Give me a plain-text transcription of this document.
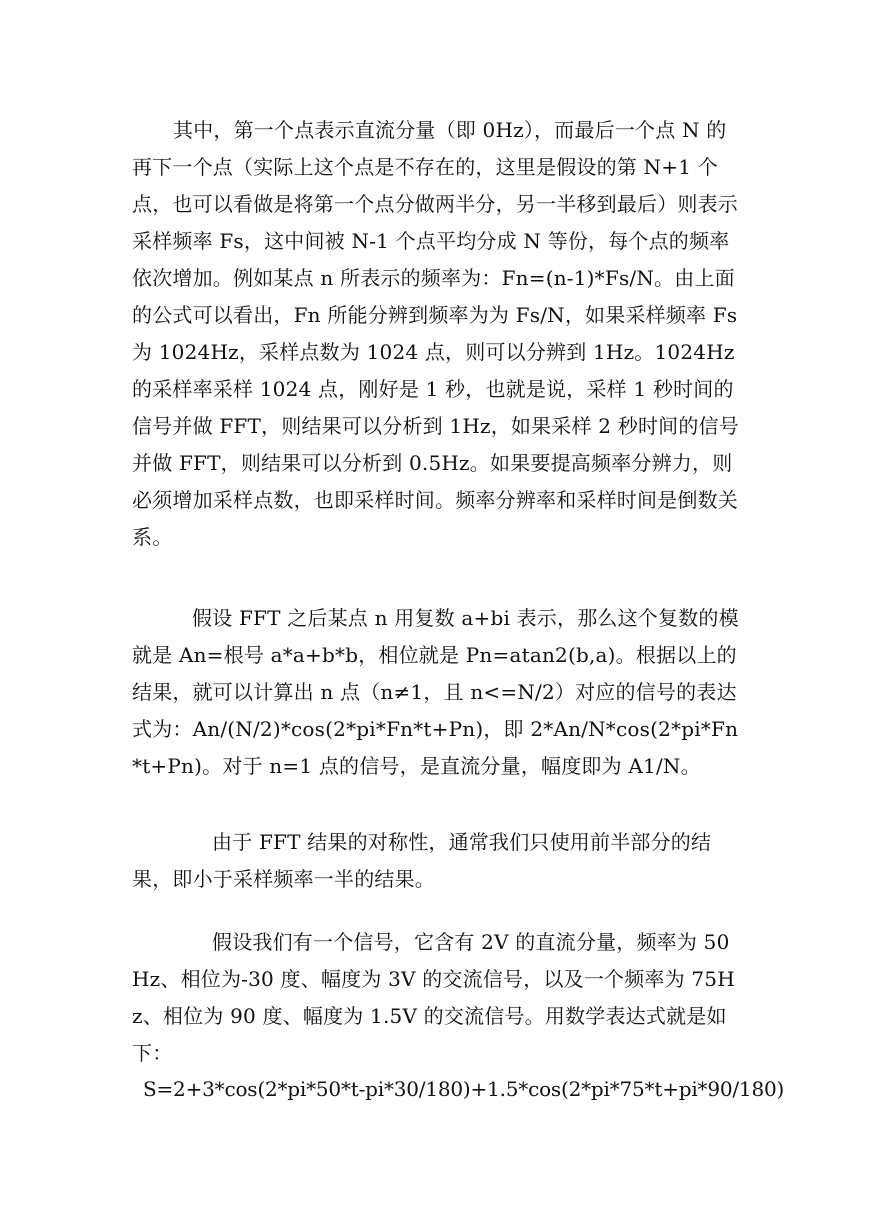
其中，第一个点表示直流分量（即 0Hz），而最后一个点 N 的再下一个点（实际上这个点是不存在的，这里是假设的第 N+1 个点，也可以看做是将第一个点分做两半分，另一半移到最后）则表示采样频率 Fs，这中间被 N-1 个点平均分成 N 等份，每个点的频率依次增加。例如某点 n 所表示的频率为：Fn=(n-1)*Fs/N。由上面的公式可以看出，Fn 所能分辨到频率为为 Fs/N，如果采样频率 Fs 为 1024Hz，采样点数为 1024 点，则可以分辨到 1Hz。1024Hz 的采样率采样 1024 点，刚好是 1 秒，也就是说，采样 1 秒时间的信号并做 FFT，则结果可以分析到 1Hz，如果采样 2 秒时间的信号并做 FFT，则结果可以分析到 0.5Hz。如果要提高频率分辨力，则必须增加采样点数，也即采样时间。频率分辨率和采样时间是倒数关系。

假设 FFT 之后某点 n 用复数 a+bi 表示，那么这个复数的模就是 An=根号 a*a+b*b，相位就是 Pn=atan2(b,a)。根据以上的结果，就可以计算出 n 点（n≠1，且 n<=N/2）对应的信号的表达式为：An/(N/2)*cos(2*pi*Fn*t+Pn)，即 2*An/N*cos(2*pi*Fn*t+Pn)。对于 n=1 点的信号，是直流分量，幅度即为 A1/N。

由于 FFT 结果的对称性，通常我们只使用前半部分的结果，即小于采样频率一半的结果。

假设我们有一个信号，它含有 2V 的直流分量，频率为 50Hz、相位为-30 度、幅度为 3V 的交流信号，以及一个频率为 75Hz、相位为 90 度、幅度为 1.5V 的交流信号。用数学表达式就是如下：

S=2+3*cos(2*pi*50*t-pi*30/180)+1.5*cos(2*pi*75*t+pi*90/180)
